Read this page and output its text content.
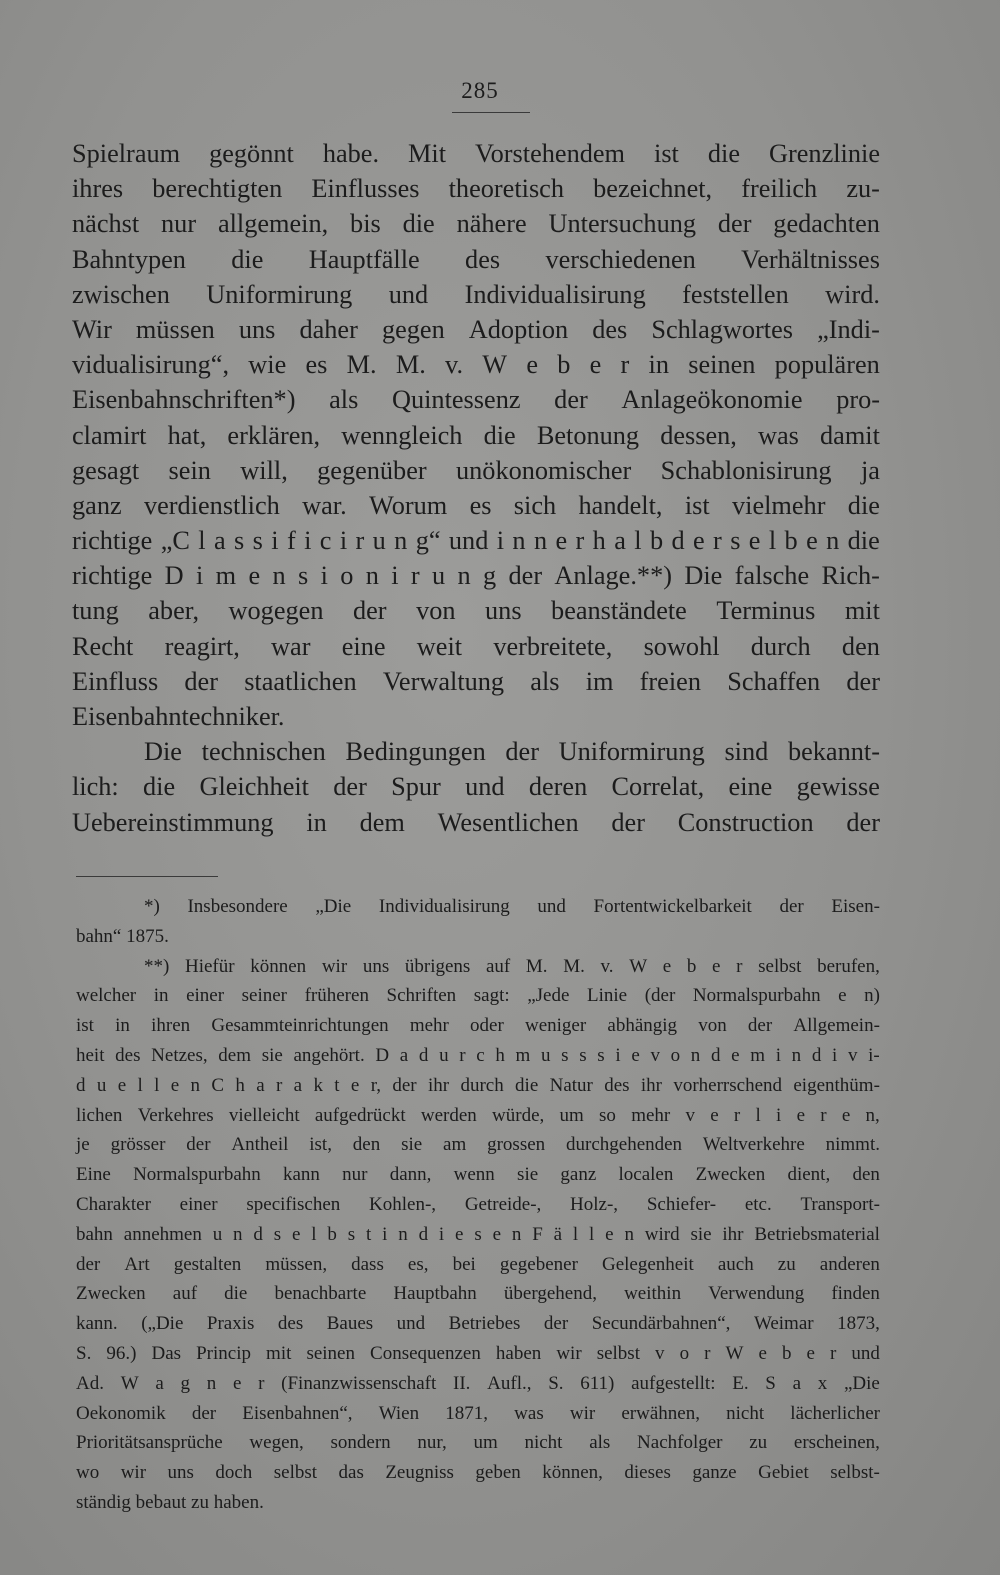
285
Spielraum gegönnt habe. Mit Vorstehendem ist die Grenzlinie
ihres berechtigten Einflusses theoretisch bezeichnet, freilich zu-
nächst nur allgemein, bis die nähere Untersuchung der gedachten
Bahntypen die Hauptfälle des verschiedenen Verhältnisses
zwischen Uniformirung und Individualisirung feststellen wird.
Wir müssen uns daher gegen Adoption des Schlagwortes „Indi-
vidualisirung“, wie es M. M. v. W e b e r in seinen populären
Eisenbahnschriften*) als Quintessenz der Anlageökonomie pro-
clamirt hat, erklären, wenngleich die Betonung dessen, was damit
gesagt sein will, gegenüber unökonomischer Schablonisirung ja
ganz verdienstlich war. Worum es sich handelt, ist vielmehr die
richtige „C l a s s i f i c i r u n g“ und i n n e r h a l b d e r s e l b e n die
richtige D i m e n s i o n i r u n g der Anlage.**) Die falsche Rich-
tung aber, wogegen der von uns beanständete Terminus mit
Recht reagirt, war eine weit verbreitete, sowohl durch den
Einfluss der staatlichen Verwaltung als im freien Schaffen der
Eisenbahntechniker.
Die technischen Bedingungen der Uniformirung sind bekannt-
lich: die Gleichheit der Spur und deren Correlat, eine gewisse
Uebereinstimmung in dem Wesentlichen der Construction der
*) Insbesondere „Die Individualisirung und Fortentwickelbarkeit der Eisen-
bahn“ 1875.
**) Hiefür können wir uns übrigens auf M. M. v. W e b e r selbst berufen,
welcher in einer seiner früheren Schriften sagt: „Jede Linie (der Normalspurbahn e n)
ist in ihren Gesammteinrichtungen mehr oder weniger abhängig von der Allgemein-
heit des Netzes, dem sie angehört. D a d u r c h m u s s s i e v o n d e m i n d i v i-
d u e l l e n C h a r a k t e r, der ihr durch die Natur des ihr vorherrschend eigenthüm-
lichen Verkehres vielleicht aufgedrückt werden würde, um so mehr v e r l i e r e n,
je grösser der Antheil ist, den sie am grossen durchgehenden Weltverkehre nimmt.
Eine Normalspurbahn kann nur dann, wenn sie ganz localen Zwecken dient, den
Charakter einer specifischen Kohlen-, Getreide-, Holz-, Schiefer- etc. Transport-
bahn annehmen u n d s e l b s t i n d i e s e n F ä l l e n wird sie ihr Betriebsmaterial
der Art gestalten müssen, dass es, bei gegebener Gelegenheit auch zu anderen
Zwecken auf die benachbarte Hauptbahn übergehend, weithin Verwendung finden
kann. („Die Praxis des Baues und Betriebes der Secundärbahnen“, Weimar 1873,
S. 96.) Das Princip mit seinen Consequenzen haben wir selbst v o r W e b e r und
Ad. W a g n e r (Finanzwissenschaft II. Aufl., S. 611) aufgestellt: E. S a x „Die
Oekonomik der Eisenbahnen“, Wien 1871, was wir erwähnen, nicht lächerlicher
Prioritätsansprüche wegen, sondern nur, um nicht als Nachfolger zu erscheinen,
wo wir uns doch selbst das Zeugniss geben können, dieses ganze Gebiet selbst-
ständig bebaut zu haben.
